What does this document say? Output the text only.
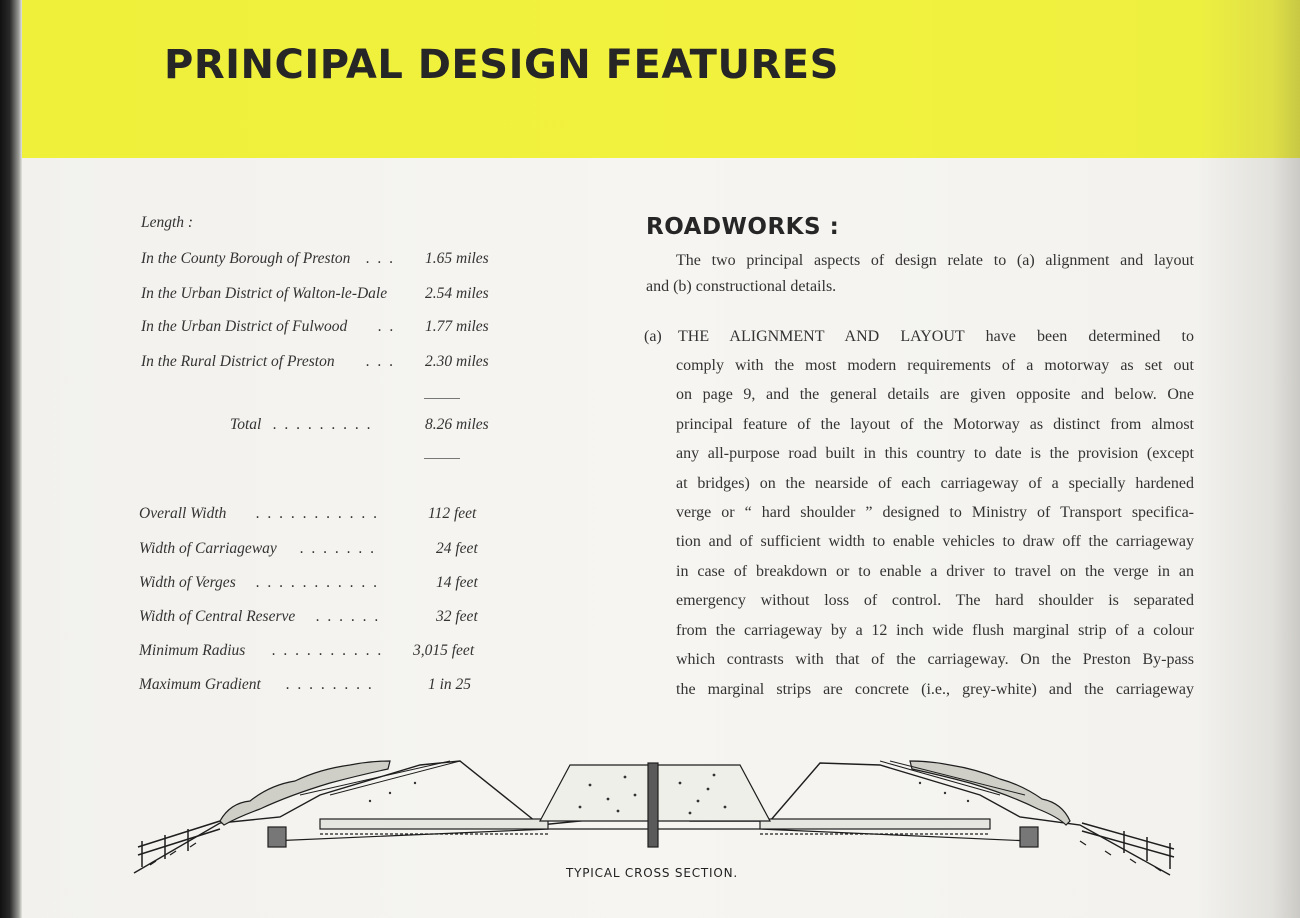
PRINCIPAL DESIGN FEATURES
Length :
In the County Borough of Preston . . . 1.65 miles
In the Urban District of Walton-le-Dale 2.54 miles
In the Urban District of Fulwood . . 1.77 miles
In the Rural District of Preston . . . 2.30 miles
Total . . . . . . . . .	8.26 miles
Overall Width . . . . . . . . . . .	112 feet
Width of Carriageway . . . . . . .	24 feet
Width of Verges . . . . . . . . . . .	14 feet
Width of Central Reserve . . . . . .	32 feet
Minimum Radius . . . . . . . . . . 3,015 feet
Maximum Gradient . . . . . . . .	1 in 25
ROADWORKS :
The two principal aspects of design relate to (a) alignment and layout
and (b) constructional details.
(a) THE ALIGNMENT AND LAYOUT have been determined to
comply with the most modern requirements of a motorway as set out
on page 9, and the general details are given opposite and below. One
principal feature of the layout of the Motorway as distinct from almost
any all-purpose road built in this country to date is the provision (except
at bridges) on the nearside of each carriageway of a specially hardened
verge or “ hard shoulder ” designed to Ministry of Transport specifica-
tion and of sufficient width to enable vehicles to draw off the carriageway
in case of breakdown or to enable a driver to travel on the verge in an
emergency without loss of control. The hard shoulder is separated
from the carriageway by a 12 inch wide flush marginal strip of a colour
which contrasts with that of the carriageway. On the Preston By-pass
the marginal strips are concrete (i.e., grey-white) and the carriageway
TYPICAL CROSS SECTION.
